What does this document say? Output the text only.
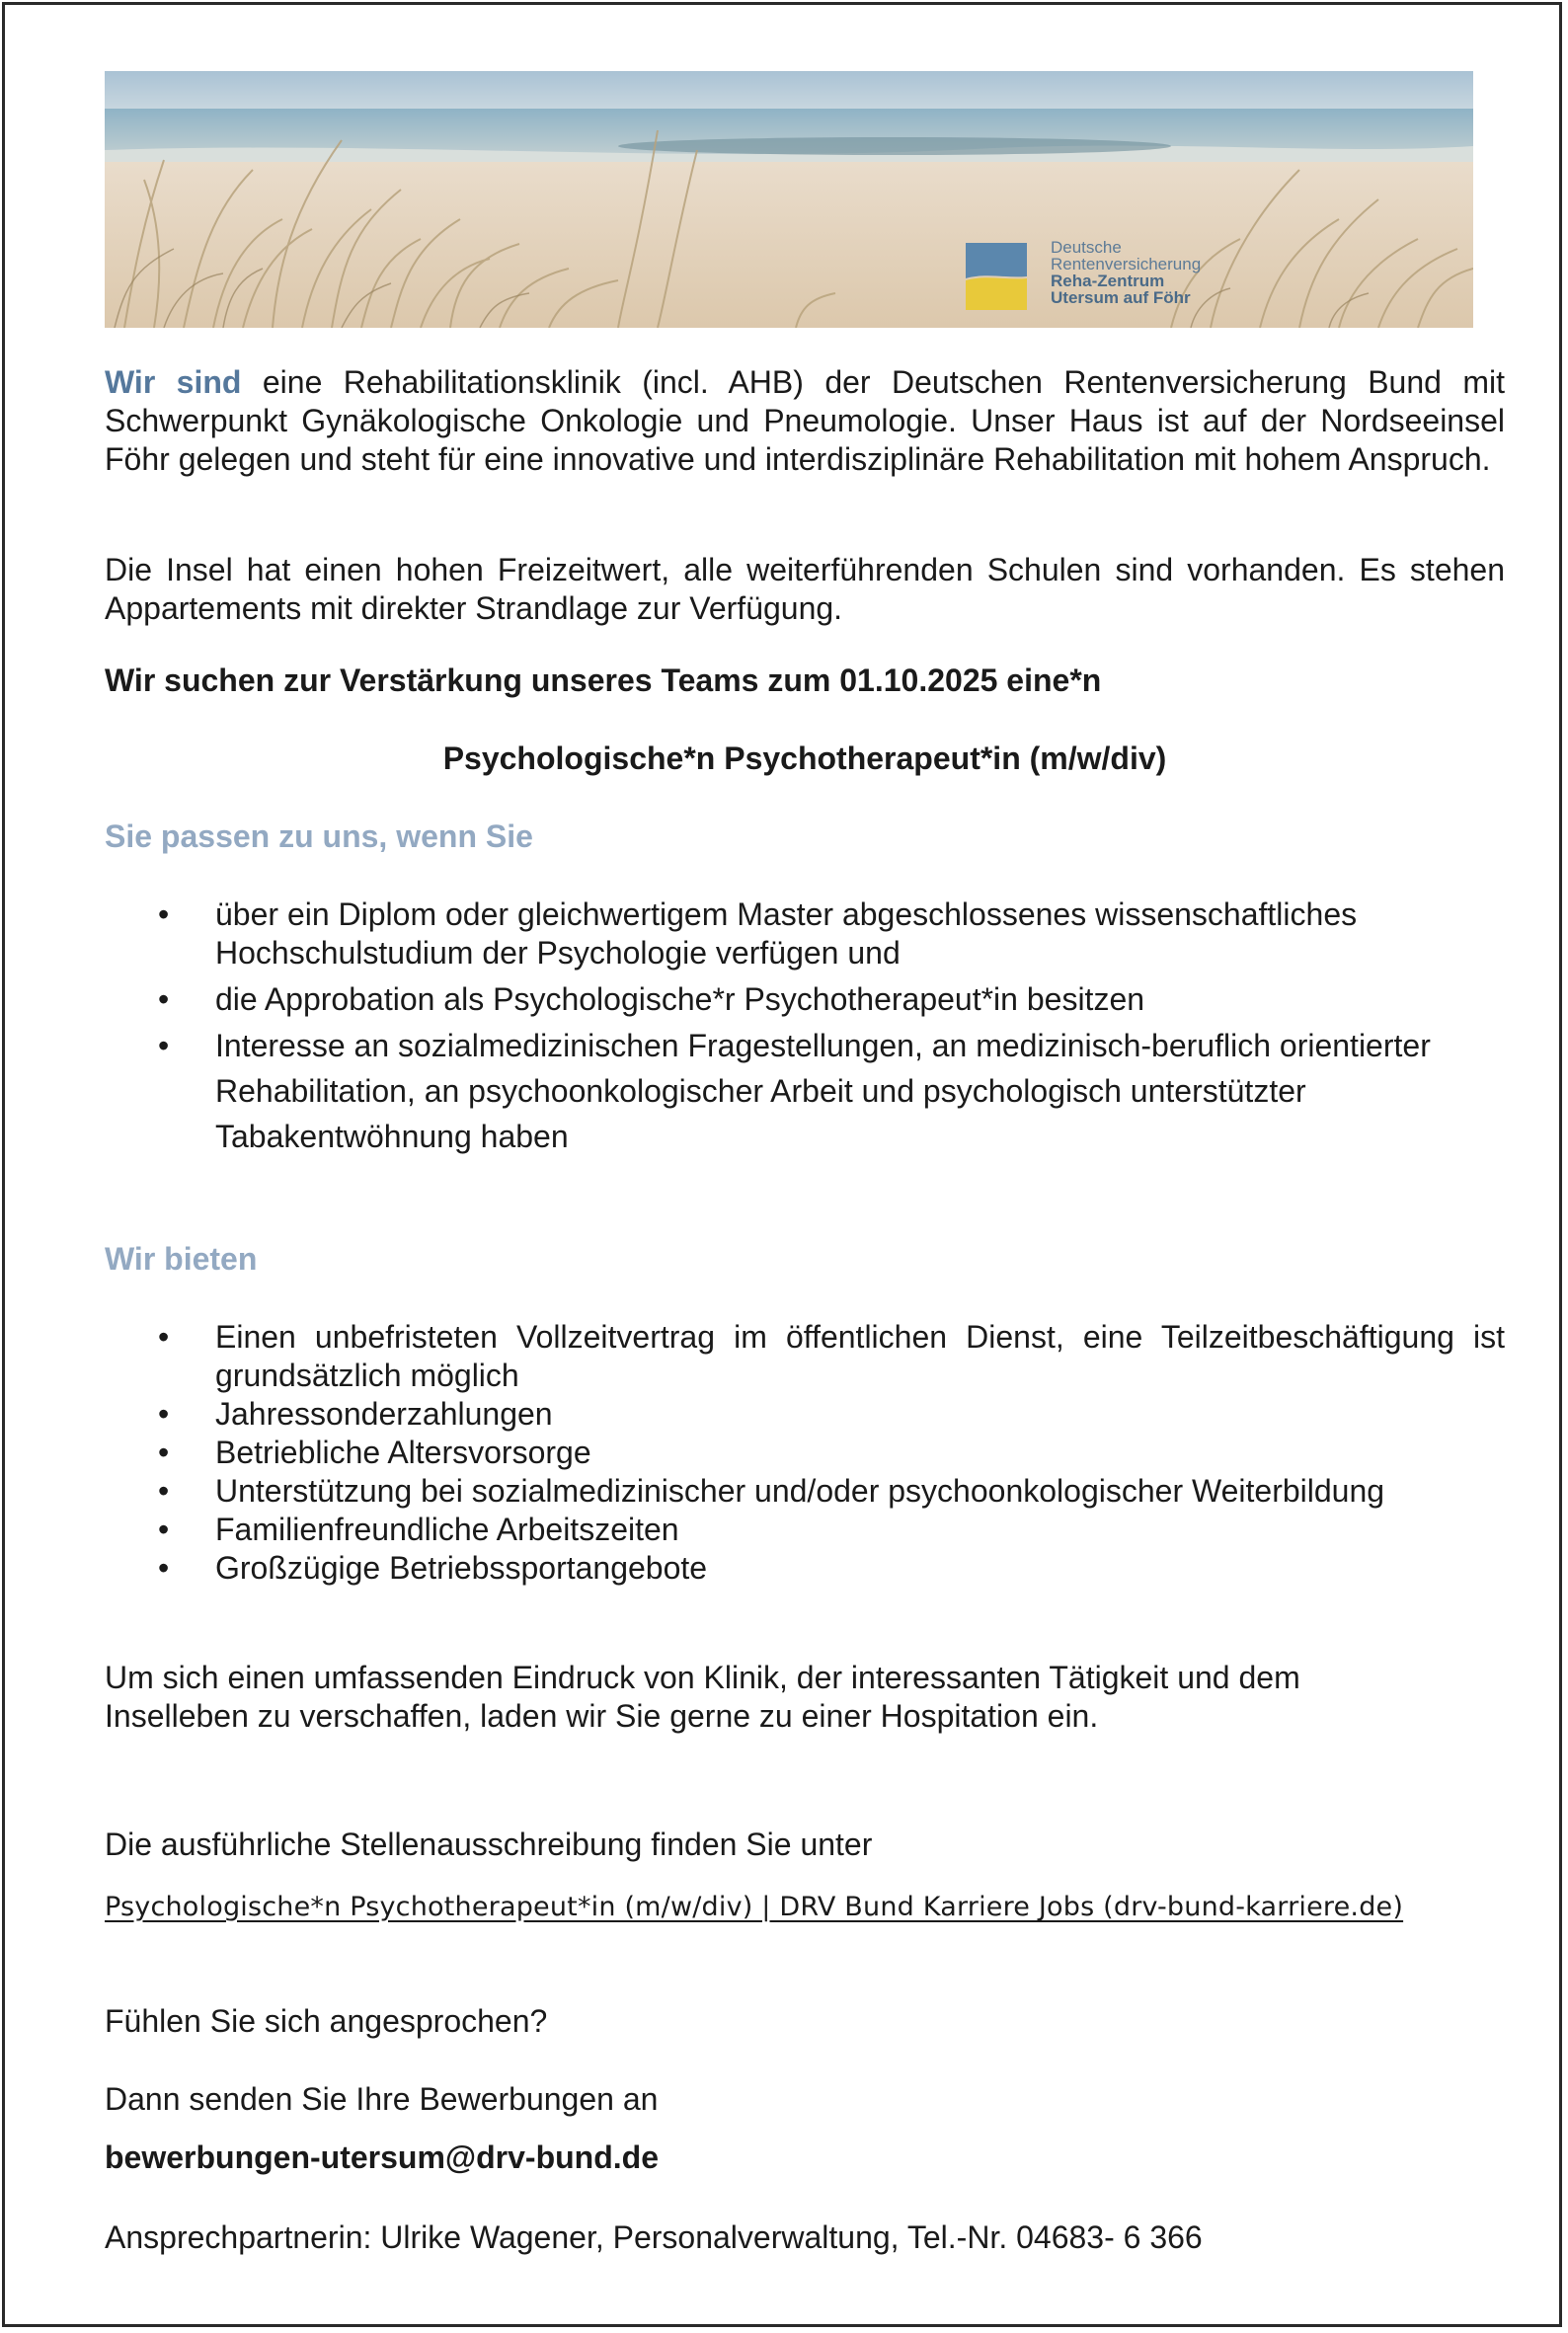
Deutsche
Rentenversicherung
Reha-Zentrum
Utersum auf Föhr
Wir sind eine Rehabilitationsklinik (incl. AHB) der Deutschen Rentenversicherung Bund mit Schwerpunkt Gynäkologische Onkologie und Pneumologie. Unser Haus ist auf der Nordseeinsel Föhr gelegen und steht für eine innovative und interdisziplinäre Rehabilitation mit hohem Anspruch.
Die Insel hat einen hohen Freizeitwert, alle weiterführenden Schulen sind vorhanden. Es stehen Appartements mit direkter Strandlage zur Verfügung.
Wir suchen zur Verstärkung unseres Teams zum 01.10.2025 eine*n
Psychologische*n Psychotherapeut*in (m/w/div)
Sie passen zu uns, wenn Sie
•	über ein Diplom oder gleichwertigem Master abgeschlossenes wissenschaftliches Hochschulstudium der Psychologie verfügen und
•	die Approbation als Psychologische*r Psychotherapeut*in besitzen
•	Interesse an sozialmedizinischen Fragestellungen, an medizinisch-beruflich orientierter Rehabilitation, an psychoonkologischer Arbeit und psychologisch unterstützter Tabakentwöhnung haben
Wir bieten
•	Einen unbefristeten Vollzeitvertrag im öffentlichen Dienst, eine Teilzeitbeschäftigung ist grundsätzlich möglich
•	Jahressonderzahlungen
•	Betriebliche Altersvorsorge
•	Unterstützung bei sozialmedizinischer und/oder psychoonkologischer Weiterbildung
•	Familienfreundliche Arbeitszeiten
•	Großzügige Betriebssportangebote
Um sich einen umfassenden Eindruck von Klinik, der interessanten Tätigkeit und dem Inselleben zu verschaffen, laden wir Sie gerne zu einer Hospitation ein.
Die ausführliche Stellenausschreibung finden Sie unter
Psychologische*n Psychotherapeut*in (m/w/div) | DRV Bund Karriere Jobs (drv-bund-karriere.de)
Fühlen Sie sich angesprochen?
Dann senden Sie Ihre Bewerbungen an
bewerbungen-utersum@drv-bund.de
Ansprechpartnerin: Ulrike Wagener, Personalverwaltung, Tel.-Nr. 04683- 6 366
